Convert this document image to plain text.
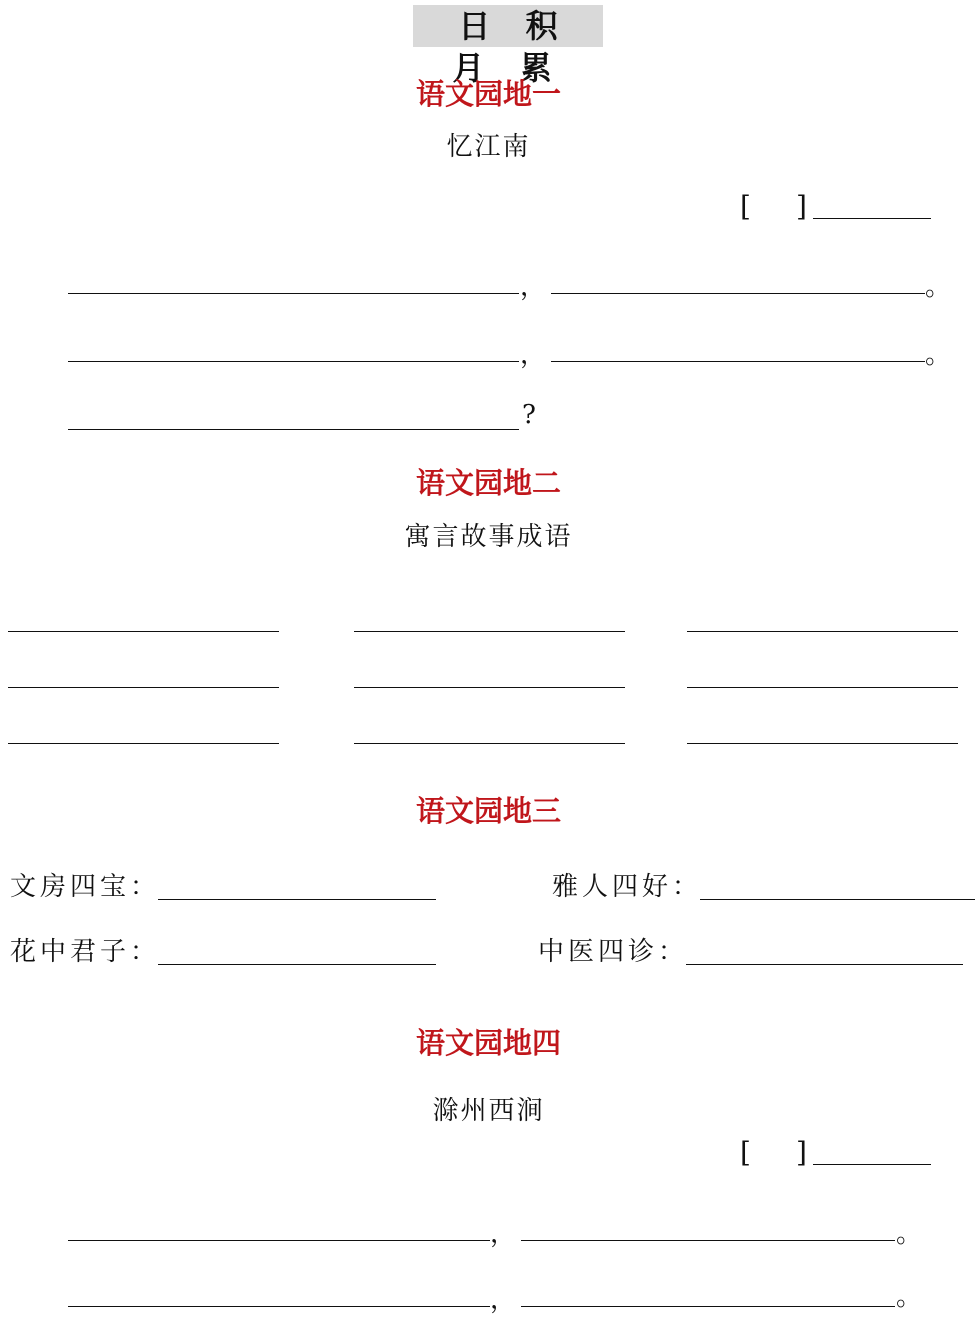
日 积 月 累
语文园地一
忆江南
[ ]
，	。
，	。
?
语文园地二
寓言故事成语
语文园地三
文房四宝：	雅人四好：
花中君子：	中医四诊：
语文园地四
滁州西涧
[ ]
，	。
，	。
